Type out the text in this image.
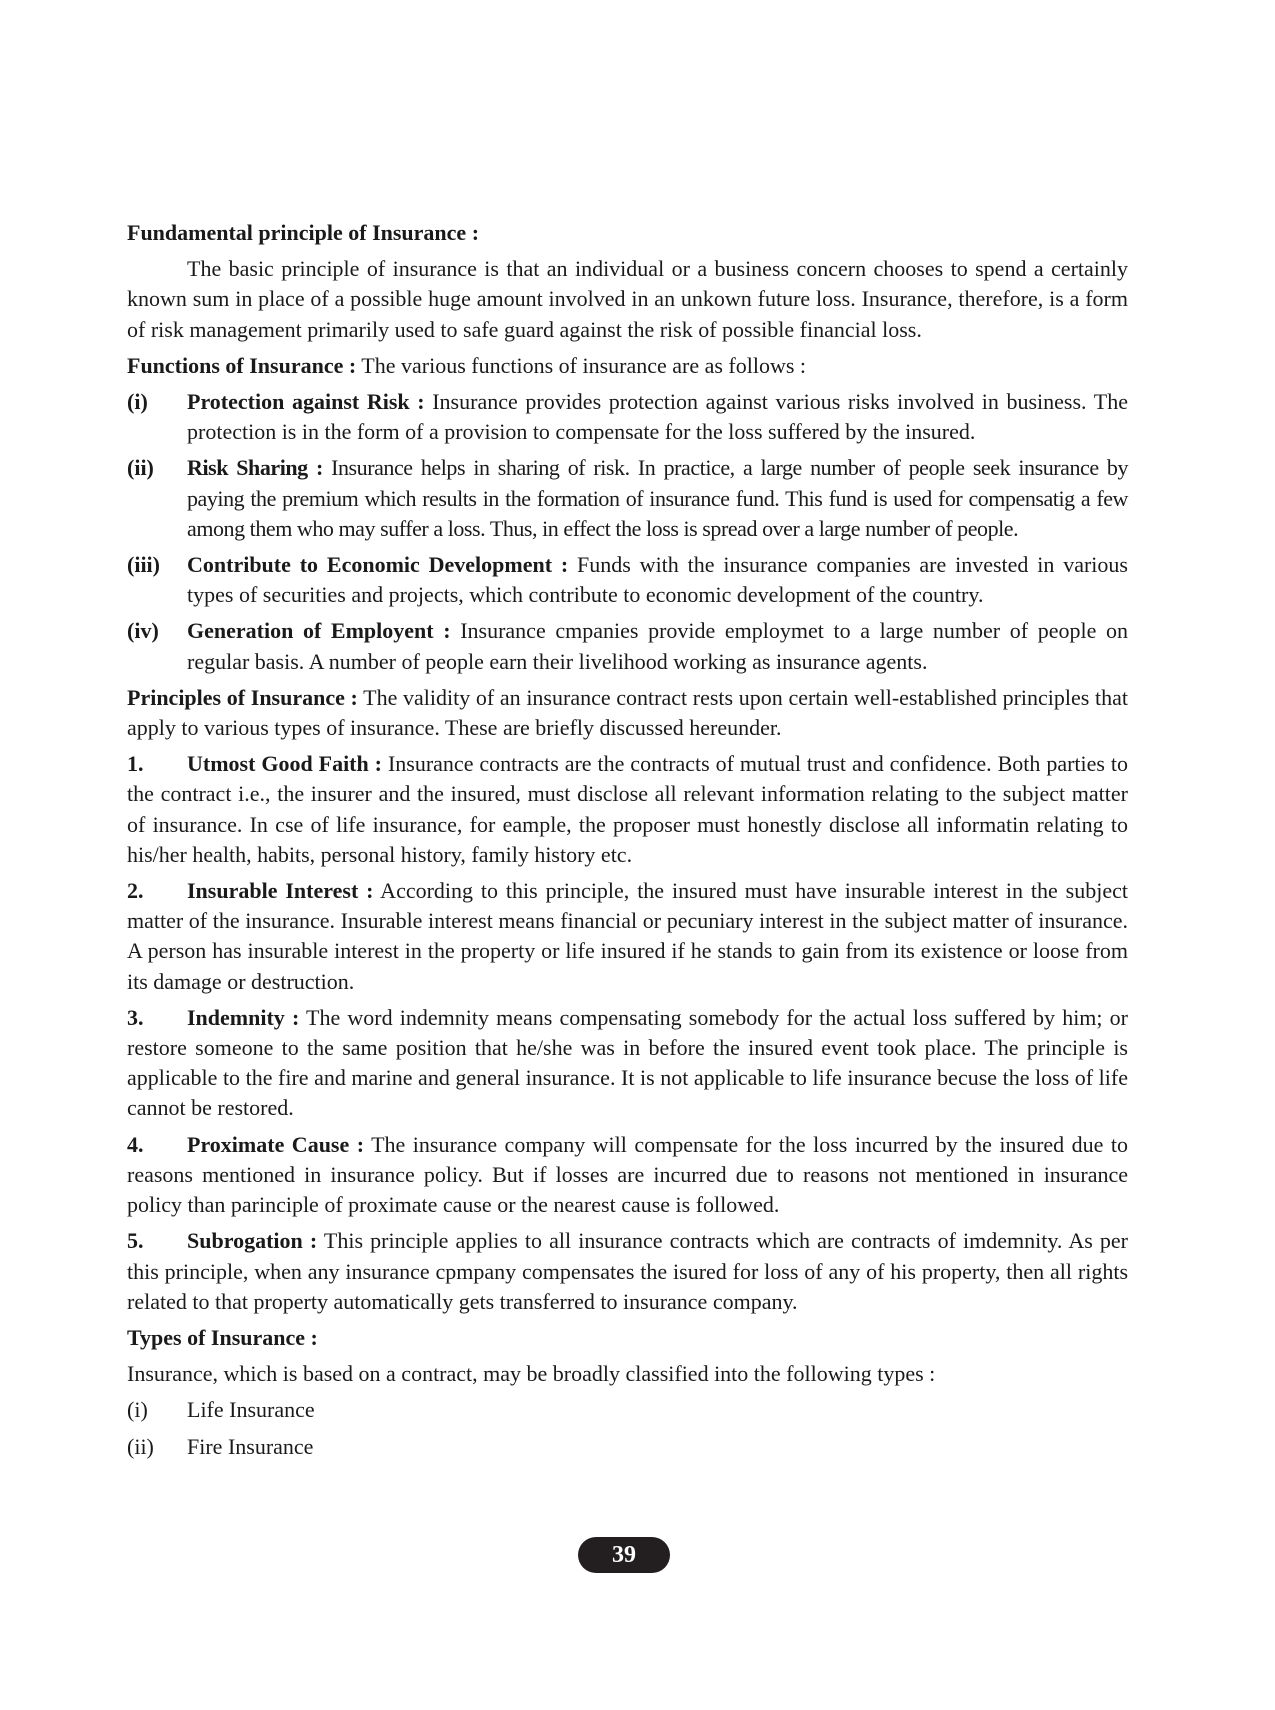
Fundamental principle of Insurance :
The basic principle of insurance is that an individual or a business concern chooses to spend a certainly known sum in place of a possible huge amount involved in an unkown future loss. Insurance, therefore, is a form of risk management primarily used to safe guard against the risk of possible financial loss.
Functions of Insurance : The various functions of insurance are as follows :
(i)	Protection against Risk : Insurance provides protection against various risks involved in business. The protection is in the form of a provision to compensate for the loss suffered by the insured.
(ii)	Risk Sharing : Insurance helps in sharing of risk. In practice, a large number of people seek insurance by paying the premium which results in the formation of insurance fund. This fund is used for compensatig a few among them who may suffer a loss. Thus, in effect the loss is spread over a large number of people.
(iii)	Contribute to Economic Development : Funds with the insurance companies are invested in various types of securities and projects, which contribute to economic development of the country.
(iv)	Generation of Employent : Insurance cmpanies provide employmet to a large number of people on regular basis. A number of people earn their livelihood working as insurance agents.
Principles of Insurance : The validity of an insurance contract rests upon certain well-established principles that apply to various types of insurance. These are briefly discussed hereunder.
1. Utmost Good Faith : Insurance contracts are the contracts of mutual trust and confidence. Both parties to the contract i.e., the insurer and the insured, must disclose all relevant information relating to the subject matter of insurance. In cse of life insurance, for eample, the proposer must honestly disclose all informatin relating to his/her health, habits, personal history, family history etc.
2. Insurable Interest : According to this principle, the insured must have insurable interest in the subject matter of the insurance. Insurable interest means financial or pecuniary interest in the subject matter of insurance. A person has insurable interest in the property or life insured if he stands to gain from its existence or loose from its damage or destruction.
3. Indemnity : The word indemnity means compensating somebody for the actual loss suffered by him; or restore someone to the same position that he/she was in before the insured event took place. The principle is applicable to the fire and marine and general insurance. It is not applicable to life insurance becuse the loss of life cannot be restored.
4. Proximate Cause : The insurance company will compensate for the loss incurred by the insured due to reasons mentioned in insurance policy. But if losses are incurred due to reasons not mentioned in insurance policy than parinciple of proximate cause or the nearest cause is followed.
5. Subrogation : This principle applies to all insurance contracts which are contracts of imdemnity. As per this principle, when any insurance cpmpany compensates the isured for loss of any of his property, then all rights related to that property automatically gets transferred to insurance company.
Types of Insurance :
Insurance, which is based on a contract, may be broadly classified into the following types :
(i)	Life Insurance
(ii)	Fire Insurance
39
